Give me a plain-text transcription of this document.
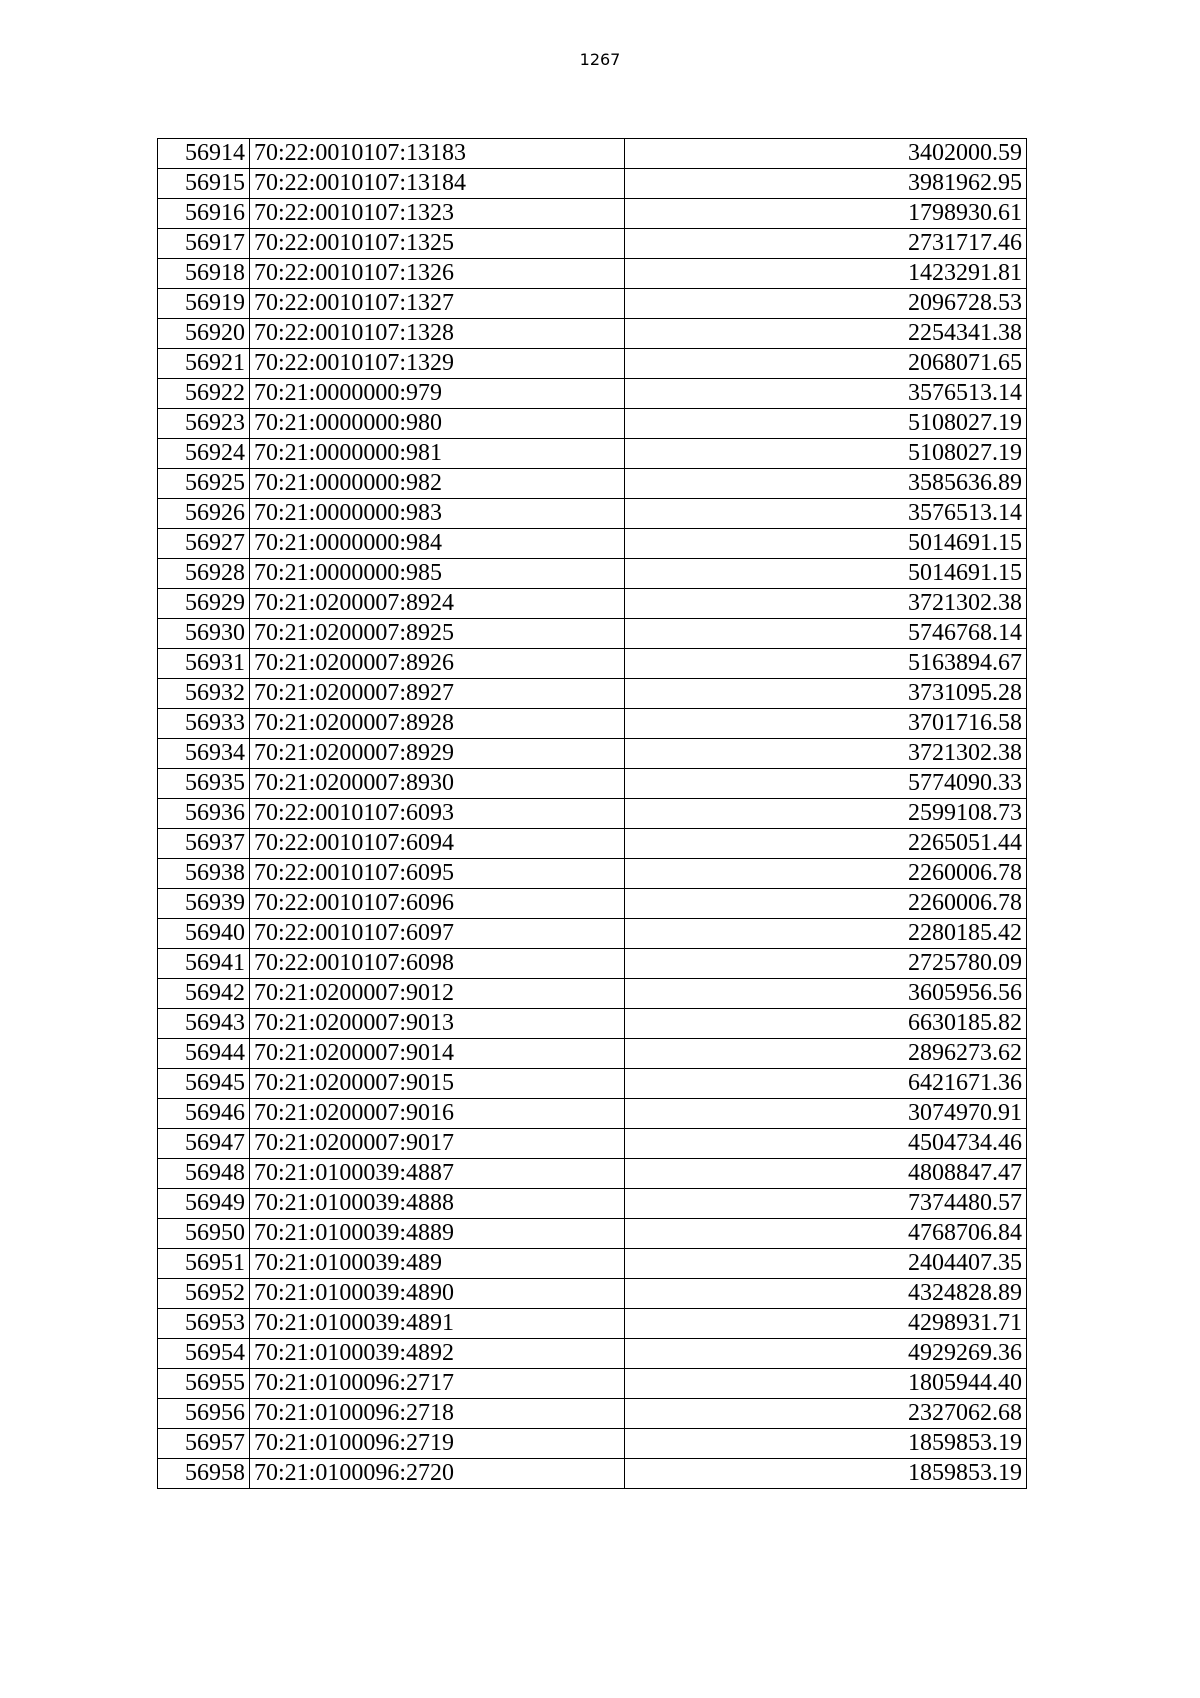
1267
56914	70:22:0010107:13183	3402000.59
56915	70:22:0010107:13184	3981962.95
56916	70:22:0010107:1323	1798930.61
56917	70:22:0010107:1325	2731717.46
56918	70:22:0010107:1326	1423291.81
56919	70:22:0010107:1327	2096728.53
56920	70:22:0010107:1328	2254341.38
56921	70:22:0010107:1329	2068071.65
56922	70:21:0000000:979	3576513.14
56923	70:21:0000000:980	5108027.19
56924	70:21:0000000:981	5108027.19
56925	70:21:0000000:982	3585636.89
56926	70:21:0000000:983	3576513.14
56927	70:21:0000000:984	5014691.15
56928	70:21:0000000:985	5014691.15
56929	70:21:0200007:8924	3721302.38
56930	70:21:0200007:8925	5746768.14
56931	70:21:0200007:8926	5163894.67
56932	70:21:0200007:8927	3731095.28
56933	70:21:0200007:8928	3701716.58
56934	70:21:0200007:8929	3721302.38
56935	70:21:0200007:8930	5774090.33
56936	70:22:0010107:6093	2599108.73
56937	70:22:0010107:6094	2265051.44
56938	70:22:0010107:6095	2260006.78
56939	70:22:0010107:6096	2260006.78
56940	70:22:0010107:6097	2280185.42
56941	70:22:0010107:6098	2725780.09
56942	70:21:0200007:9012	3605956.56
56943	70:21:0200007:9013	6630185.82
56944	70:21:0200007:9014	2896273.62
56945	70:21:0200007:9015	6421671.36
56946	70:21:0200007:9016	3074970.91
56947	70:21:0200007:9017	4504734.46
56948	70:21:0100039:4887	4808847.47
56949	70:21:0100039:4888	7374480.57
56950	70:21:0100039:4889	4768706.84
56951	70:21:0100039:489	2404407.35
56952	70:21:0100039:4890	4324828.89
56953	70:21:0100039:4891	4298931.71
56954	70:21:0100039:4892	4929269.36
56955	70:21:0100096:2717	1805944.40
56956	70:21:0100096:2718	2327062.68
56957	70:21:0100096:2719	1859853.19
56958	70:21:0100096:2720	1859853.19
